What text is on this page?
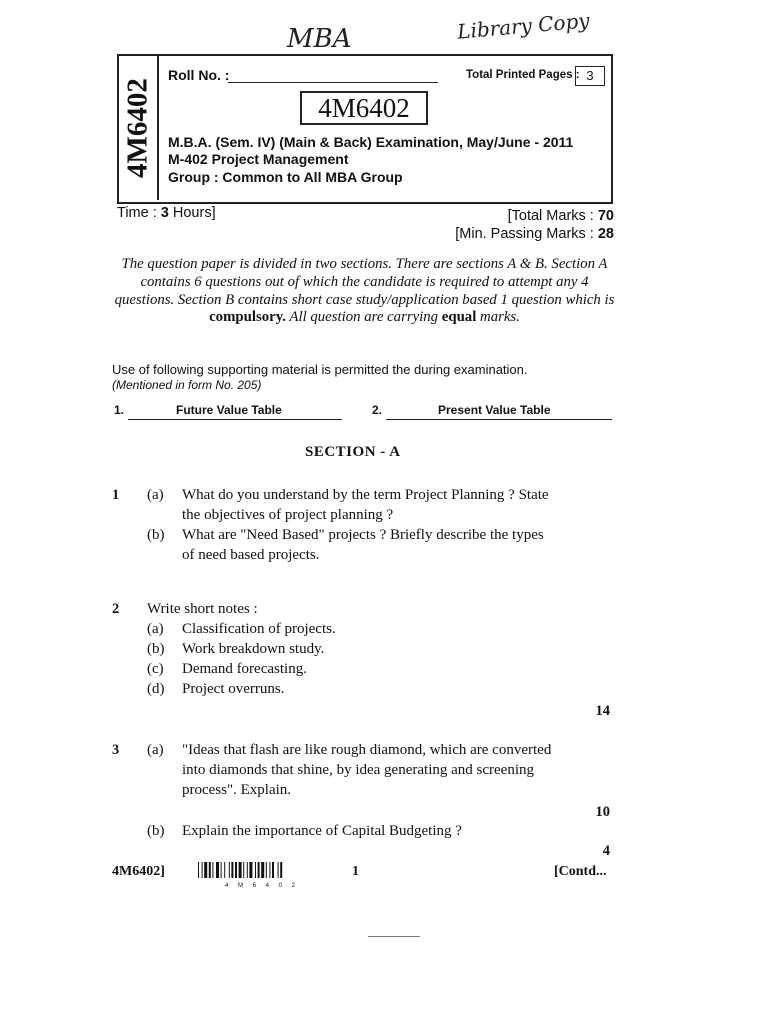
MBA	Library Copy
4M6402
Roll No. :	Total Printed Pages : 3
4M6402
M.B.A. (Sem. IV) (Main & Back) Examination, May/June - 2011
M-402 Project Management
Group : Common to All MBA Group
Time : 3 Hours]	[Total Marks : 70
[Min. Passing Marks : 28
The question paper is divided in two sections. There are sections A & B. Section A contains 6 questions out of which the candidate is required to attempt any 4 questions. Section B contains short case study/application based 1 question which is compulsory. All question are carrying equal marks.
Use of following supporting material is permitted the during examination.
(Mentioned in form No. 205)
1.	Future Value Table	2.	Present Value Table
SECTION - A
1 (a) What do you understand by the term Project Planning ? State
the objectives of project planning ?
(b) What are "Need Based" projects ? Briefly describe the types
of need based projects.
2 Write short notes :
(a) Classification of projects.
(b) Work breakdown study.
(c) Demand forecasting.
(d) Project overruns.
14
3 (a) "Ideas that flash are like rough diamond, which are converted
into diamonds that shine, by idea generating and screening
process". Explain.
10
(b) Explain the importance of Capital Budgeting ?
4
4M6402]
4 M 6 4 0 2
1	[Contd...
